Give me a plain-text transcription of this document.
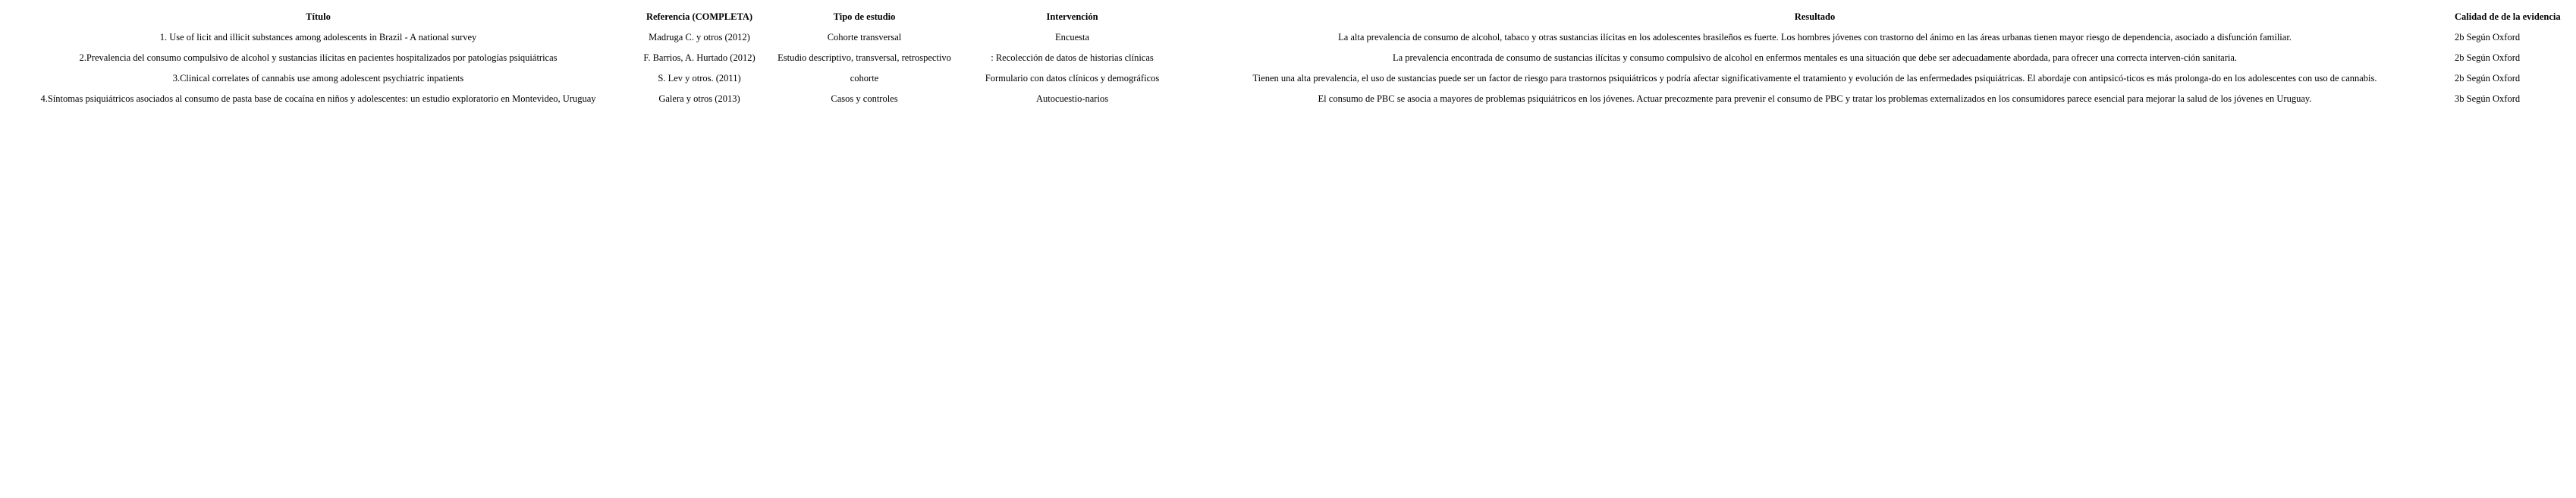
Título	Referencia (COMPLETA)	Tipo de estudio	Intervención	Resultado	Calidad de de la evidencia
1. Use of licit and illicit substances among adolescents in Brazil - A national survey	Madruga C. y otros (2012)	Cohorte transversal	Encuesta	La alta prevalencia de consumo de alcohol, tabaco y otras sustancias ilícitas en los adolescentes brasileños es fuerte. Los hombres jóvenes con trastorno del ánimo en las áreas urbanas tienen mayor riesgo de dependencia, asociado a disfunción familiar.	2b Según Oxford
2.Prevalencia del consumo compulsivo de alcohol y sustancias ilícitas en pacientes hospitalizados por patologías psiquiátricas	F. Barrios, A. Hurtado (2012)	Estudio descriptivo, transversal, retrospectivo	: Recolección de datos de historias clínicas	La prevalencia encontrada de consumo de sustancias ilícitas y consumo compulsivo de alcohol en enfermos mentales es una situación que debe ser adecuadamente abordada, para ofrecer una correcta interven-ción sanitaria.	2b Según Oxford
3.Clinical correlates of cannabis use among adolescent psychiatric inpatients	S. Lev y otros. (2011)	cohorte	Formulario con datos clínicos y demográficos	Tienen una alta prevalencia, el uso de sustancias puede ser un factor de riesgo para trastornos psiquiátricos y podría afectar significativamente el tratamiento y evolución de las enfermedades psiquiátricas. El abordaje con antipsicó-ticos es más prolonga-do en los adolescentes con uso de cannabis.	2b Según Oxford
4.Síntomas psiquiátricos asociados al consumo de pasta base de cocaína en niños y adolescentes: un estudio exploratorio en Montevideo, Uruguay	Galera y otros (2013)	Casos y controles	Autocuestio-narios	El consumo de PBC se asocia a mayores de problemas psiquiátricos en los jóvenes. Actuar precozmente para prevenir el consumo de PBC y tratar los problemas externalizados en los consumidores parece esencial para mejorar la salud de los jóvenes en Uruguay.	3b Según Oxford
